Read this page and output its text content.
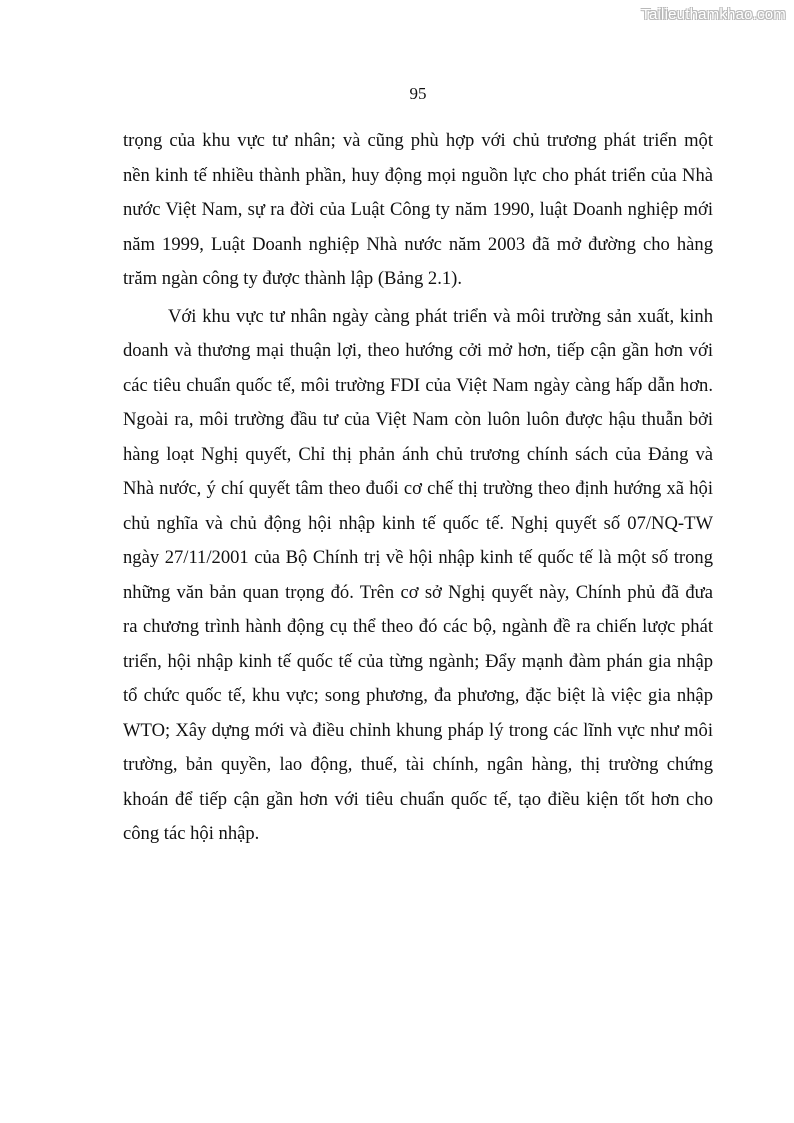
Tailieuthamkhao.com
95
trọng của khu vực tư nhân; và cũng phù hợp với chủ trương phát triển một
nền kinh tế nhiều thành phần, huy động mọi nguồn lực cho phát triển của Nhà
nước Việt Nam, sự ra đời của Luật Công ty năm 1990, luật Doanh nghiệp mới
năm 1999, Luật Doanh nghiệp Nhà nước năm 2003 đã mở đường cho hàng
trăm ngàn công ty được thành lập (Bảng 2.1).
Với khu vực tư nhân ngày càng phát triển và môi trường sản xuất, kinh
doanh và thương mại thuận lợi, theo hướng cởi mở hơn, tiếp cận gần hơn với
các tiêu chuẩn quốc tế, môi trường FDI của Việt Nam ngày càng hấp dẫn hơn.
Ngoài ra, môi trường đầu tư của Việt Nam còn luôn luôn được hậu thuẫn bởi
hàng loạt Nghị quyết, Chỉ thị phản ánh chủ trương chính sách của Đảng và
Nhà nước, ý chí quyết tâm theo đuổi cơ chế thị trường theo định hướng xã hội
chủ nghĩa và chủ động hội nhập kinh tế quốc tế. Nghị quyết số 07/NQ-TW
ngày 27/11/2001 của Bộ Chính trị về hội nhập kinh tế quốc tế là một số trong
những văn bản quan trọng đó. Trên cơ sở Nghị quyết này, Chính phủ đã đưa
ra chương trình hành động cụ thể theo đó các bộ, ngành đề ra chiến lược phát
triển, hội nhập kinh tế quốc tế của từng ngành; Đẩy mạnh đàm phán gia nhập
tổ chức quốc tế, khu vực; song phương, đa phương, đặc biệt là việc gia nhập
WTO; Xây dựng mới và điều chỉnh khung pháp lý trong các lĩnh vực như môi
trường, bản quyền, lao động, thuế, tài chính, ngân hàng, thị trường chứng
khoán để tiếp cận gần hơn với tiêu chuẩn quốc tế, tạo điều kiện tốt hơn cho
công tác hội nhập.
